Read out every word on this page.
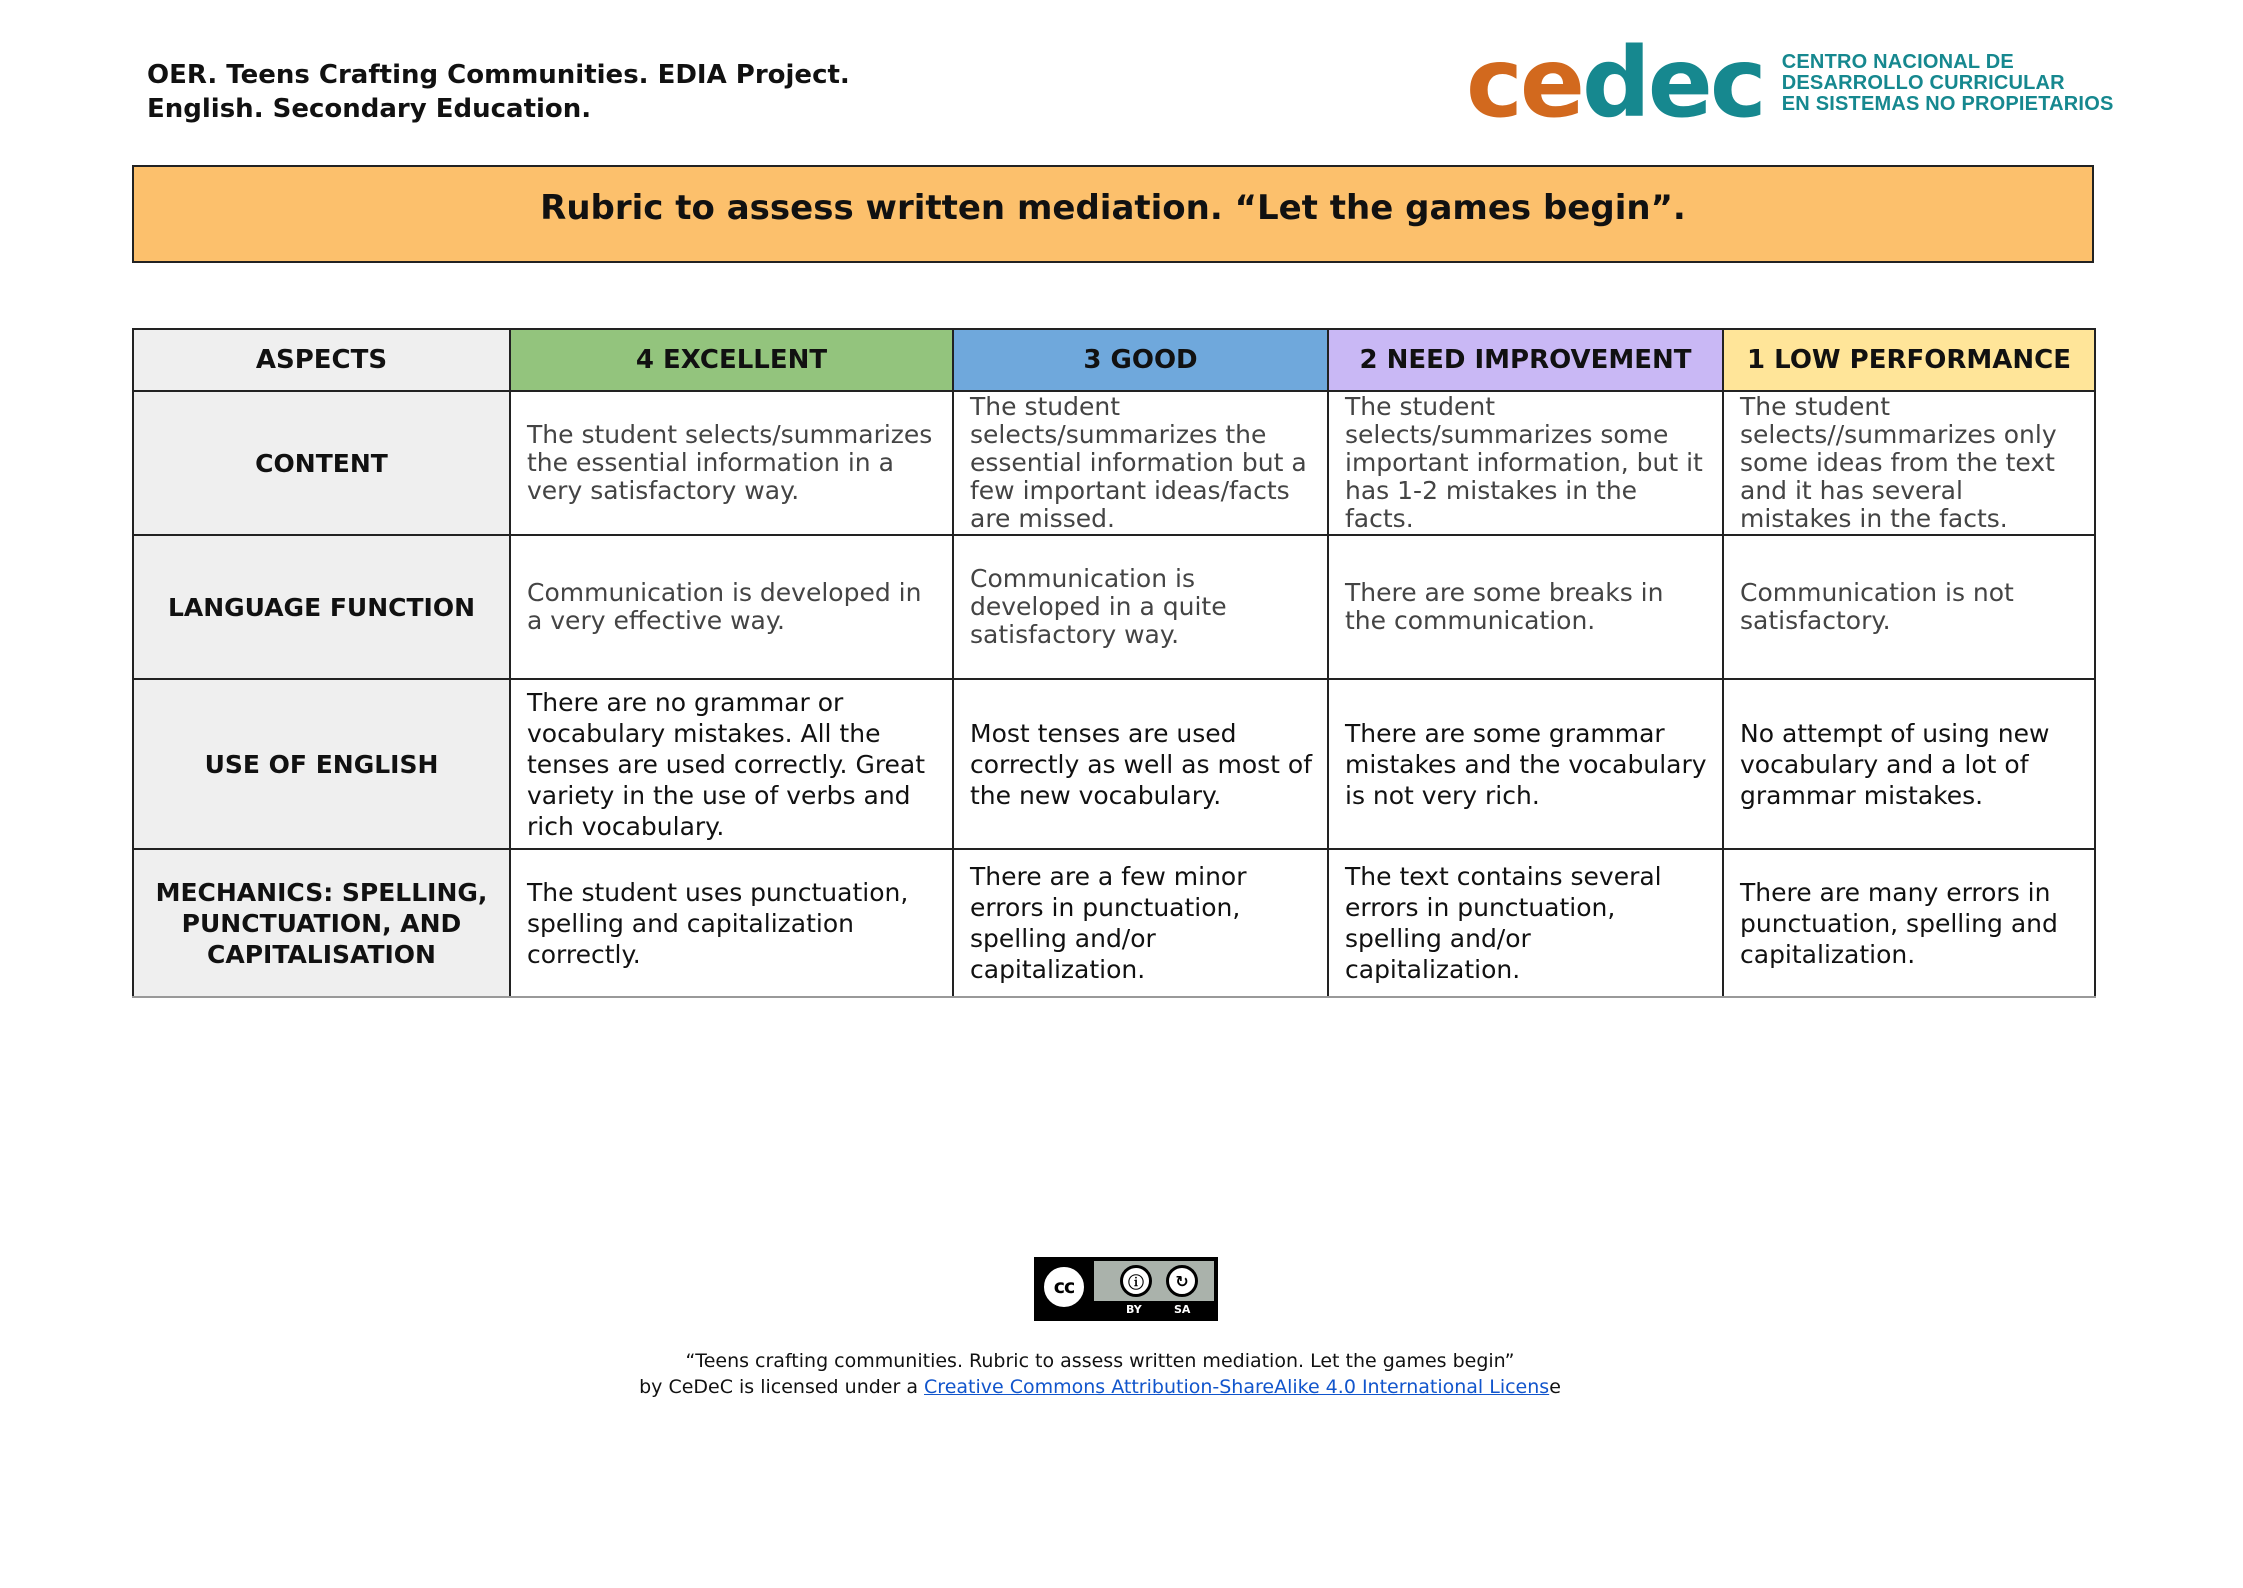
OER. Teens Crafting Communities. EDIA Project.
English. Secondary Education.	cedec CENTRO NACIONAL DE
DESARROLLO CURRICULAR
EN SISTEMAS NO PROPIETARIOS
Rubric to assess written mediation. “Let the games begin”.
ASPECTS	4 EXCELLENT	3 GOOD	2 NEED IMPROVEMENT	1 LOW PERFORMANCE
CONTENT	The student selects/summarizes the essential information in a very satisfactory way.	The student selects/summarizes the essential information but a few important ideas/facts are missed.	The student selects/summarizes some important information, but it has 1-2 mistakes in the facts.	The student selects//summarizes only some ideas from the text and it has several mistakes in the facts.
LANGUAGE FUNCTION	Communication is developed in a very effective way.	Communication is developed in a quite satisfactory way.	There are some breaks in the communication.	Communication is not satisfactory.
USE OF ENGLISH	There are no grammar or vocabulary mistakes. All the tenses are used correctly. Great variety in the use of verbs and rich vocabulary.	Most tenses are used correctly as well as most of the new vocabulary.	There are some grammar mistakes and the vocabulary is not very rich.	No attempt of using new vocabulary and a lot of grammar mistakes.
MECHANICS: SPELLING, PUNCTUATION, AND CAPITALISATION	The student uses punctuation, spelling and capitalization correctly.	There are a few minor errors in punctuation, spelling and/or capitalization.	The text contains several errors in punctuation, spelling and/or capitalization.	There are many errors in punctuation, spelling and capitalization.
cc	ⓘ	↻
BY	SA
“Teens crafting communities. Rubric to assess written mediation. Let the games begin”
by CeDeC is licensed under a Creative Commons Attribution-ShareAlike 4.0 International License
